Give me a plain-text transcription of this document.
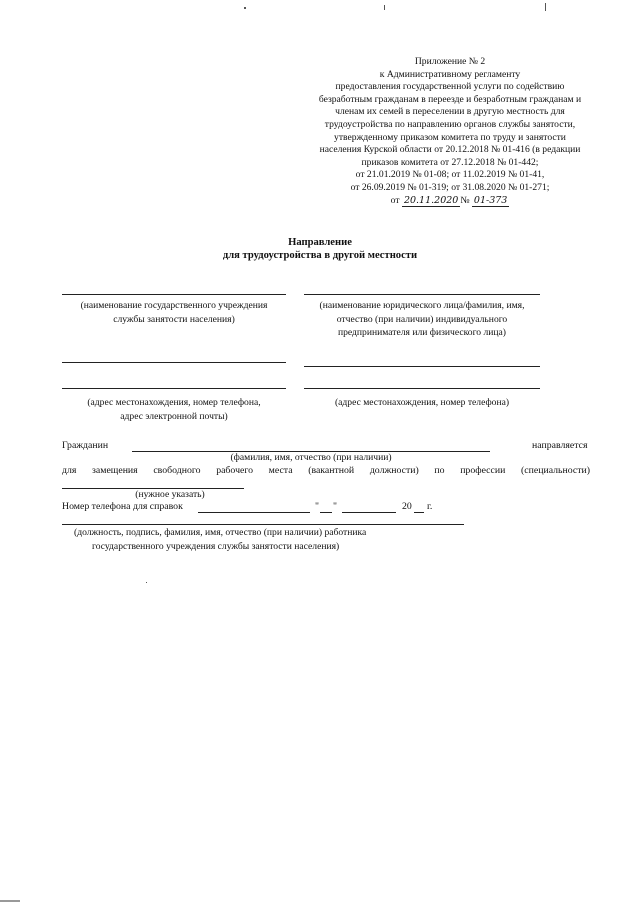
Приложение № 2
к Административному регламенту
предоставления государственной услуги по содействию
безработным гражданам в переезде и безработным гражданам и
членам их семей в переселении в другую местность для
трудоустройства по направлению органов службы занятости,
утвержденному приказом комитета по труду и занятости
населения Курской области от 20.12.2018 № 01-416 (в редакции
приказов комитета от 27.12.2018 № 01-442;
от 21.01.2019 № 01-08; от 11.02.2019 № 01-41,
от 26.09.2019 № 01-319; от 31.08.2020 № 01-271;
от 20.11.2020 № 01-373
Направление
для трудоустройства в другой местности
(наименование государственного учреждения
службы занятости населения)
(адрес местонахождения, номер телефона,
адрес электронной почты)
(наименование юридического лица/фамилия, имя,
отчество (при наличии) индивидуального
предпринимателя или физического лица)
(адрес местонахождения, номер телефона)
Гражданин	направляется
(фамилия, имя, отчество (при наличии)
для замещения свободного рабочего места (вакантной должности) по профессии (специальности)
(нужное указать)
Номер телефона для справок	" "	20 г.
(должность, подпись, фамилия, имя, отчество (при наличии) работника
государственного учреждения службы занятости населения)
